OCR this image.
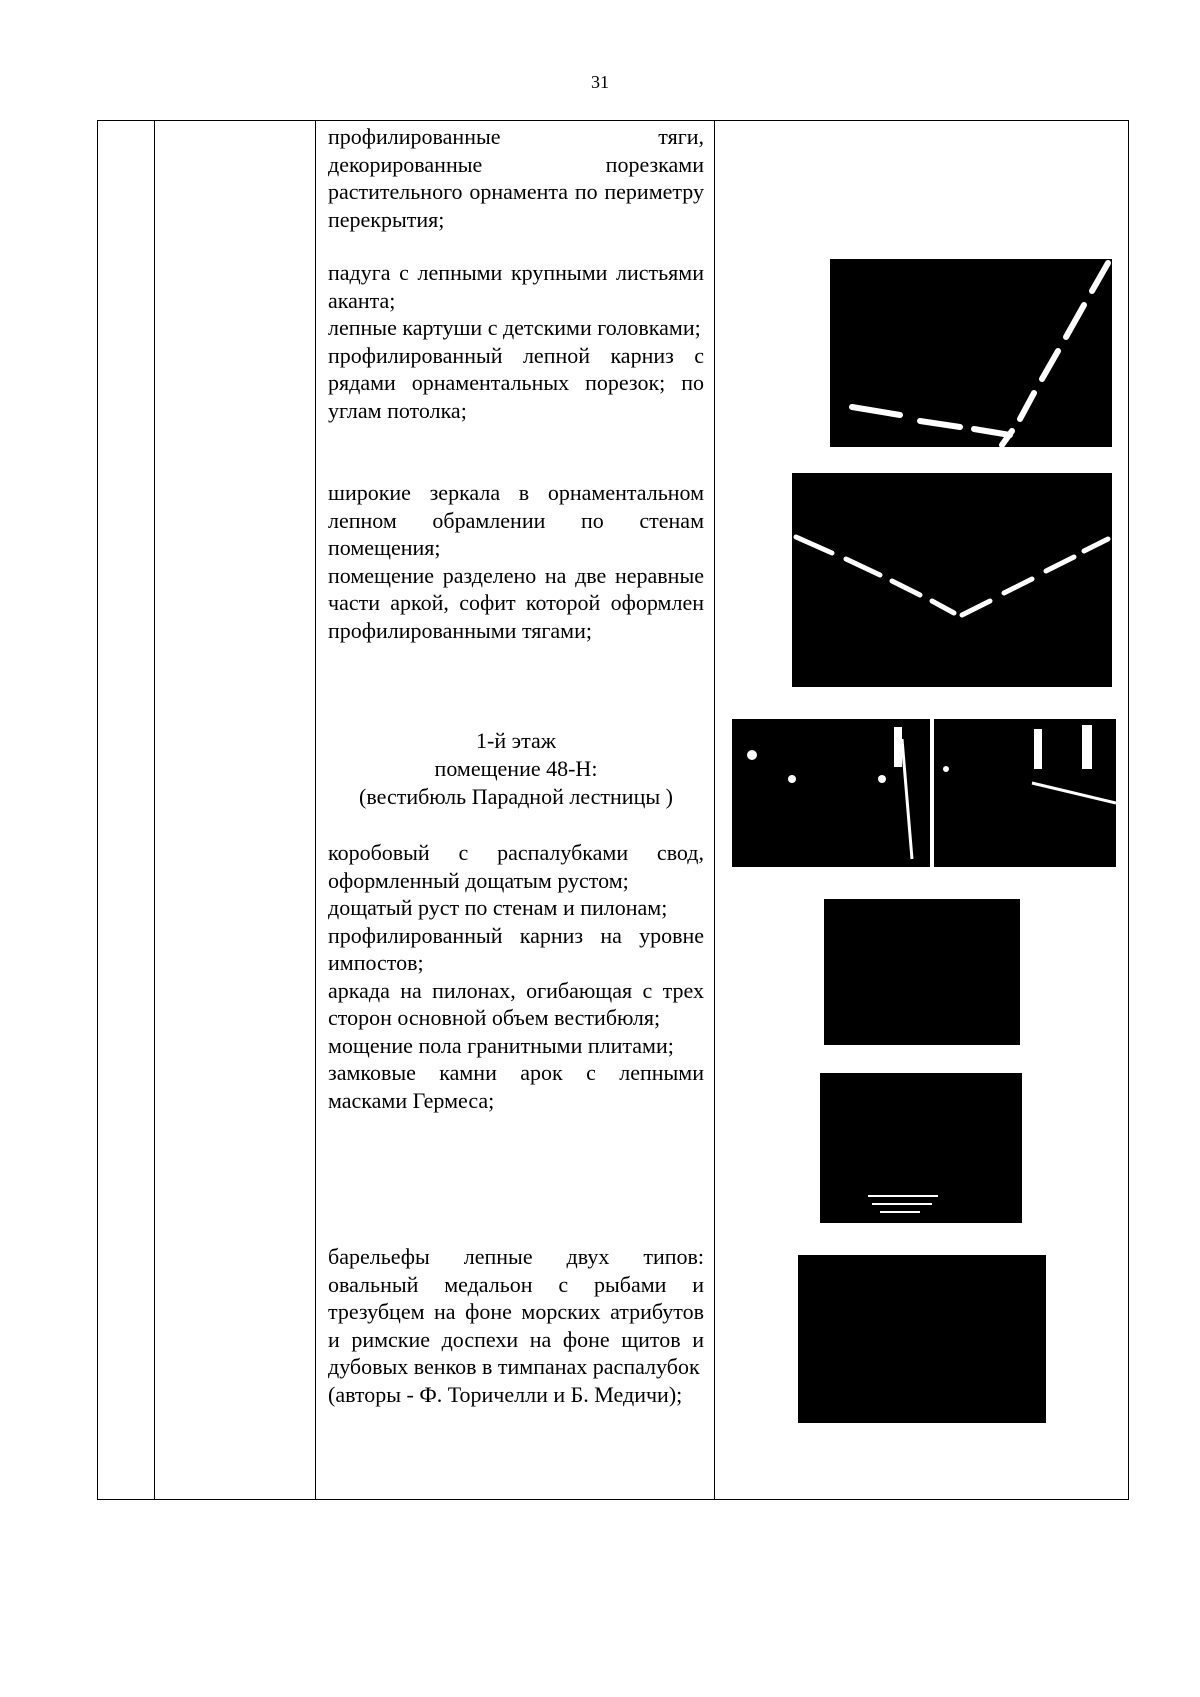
31

профилированные тяги, декорированные порезками растительного орнамента по периметру перекрытия;

падуга с лепными крупными листьями аканта;

лепные картуши с детскими головками;

профилированный лепной карниз с рядами орнаментальных порезок; по углам потолка;

широкие зеркала в орнаментальном лепном обрамлении по стенам помещения;

помещение разделено на две неравные части аркой, софит которой оформлен профилированными тягами;

1-й этаж
помещение 48-Н:
(вестибюль Парадной лестницы )

коробовый с распалубками свод, оформленный дощатым рустом;

дощатый руст по стенам и пилонам;

профилированный карниз на уровне импостов;

аркада на пилонах, огибающая с трех сторон основной объем вестибюля;

мощение пола гранитными плитами;

замковые камни арок с лепными масками Гермеса;

барельефы лепные двух типов: овальный медальон с рыбами и трезубцем на фоне морских атрибутов и римские доспехи на фоне щитов и дубовых венков в тимпанах распалубок

(авторы - Ф. Торичелли и Б. Медичи);
